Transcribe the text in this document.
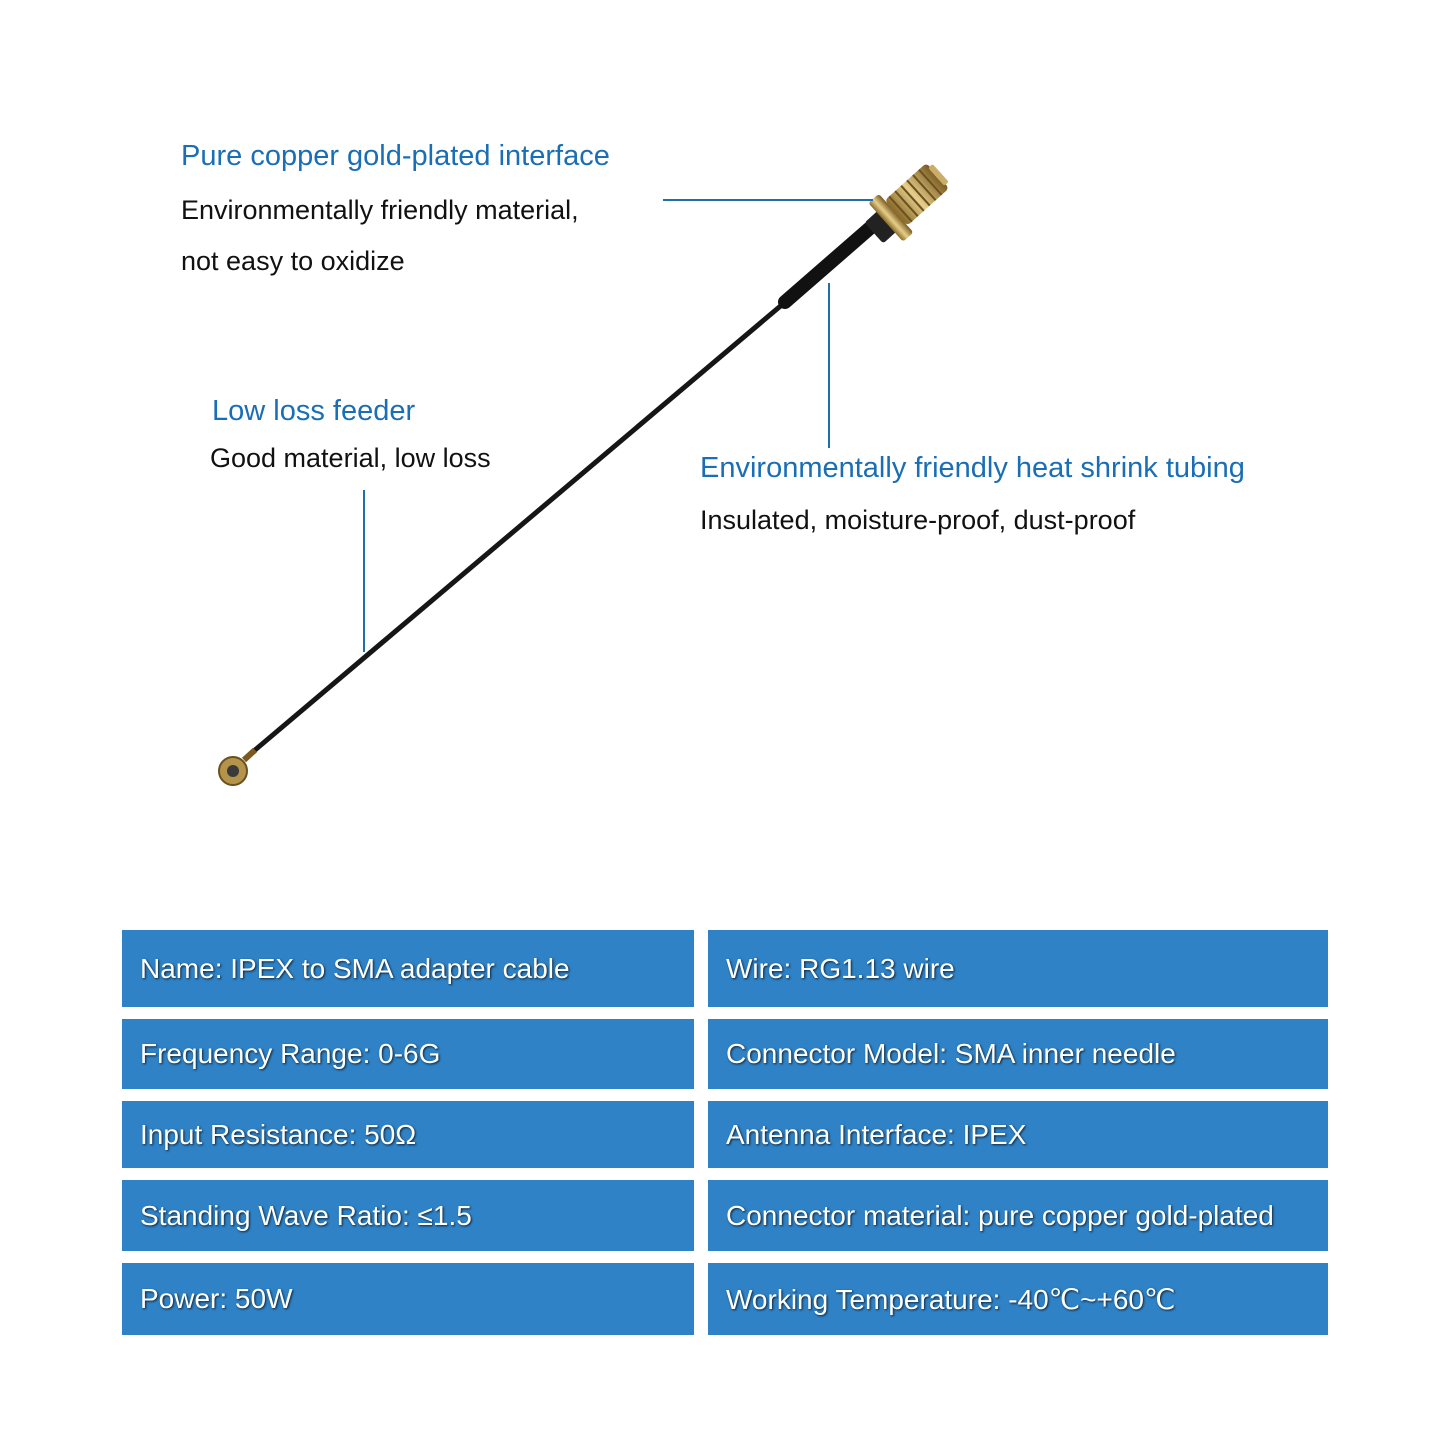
Pure copper gold-plated interface
Environmentally friendly material,
not easy to oxidize
Low loss feeder
Good material, low loss	Environmentally friendly heat shrink tubing
Insulated, moisture-proof, dust-proof
Name: IPEX to SMA adapter cable	Wire: RG1.13 wire
Frequency Range: 0-6G	Connector Model: SMA inner needle
Input Resistance: 50Ω	Antenna Interface: IPEX
Standing Wave Ratio: ≤1.5	Connector material: pure copper gold-plated
Power: 50W	Working Temperature: -40℃~+60℃
